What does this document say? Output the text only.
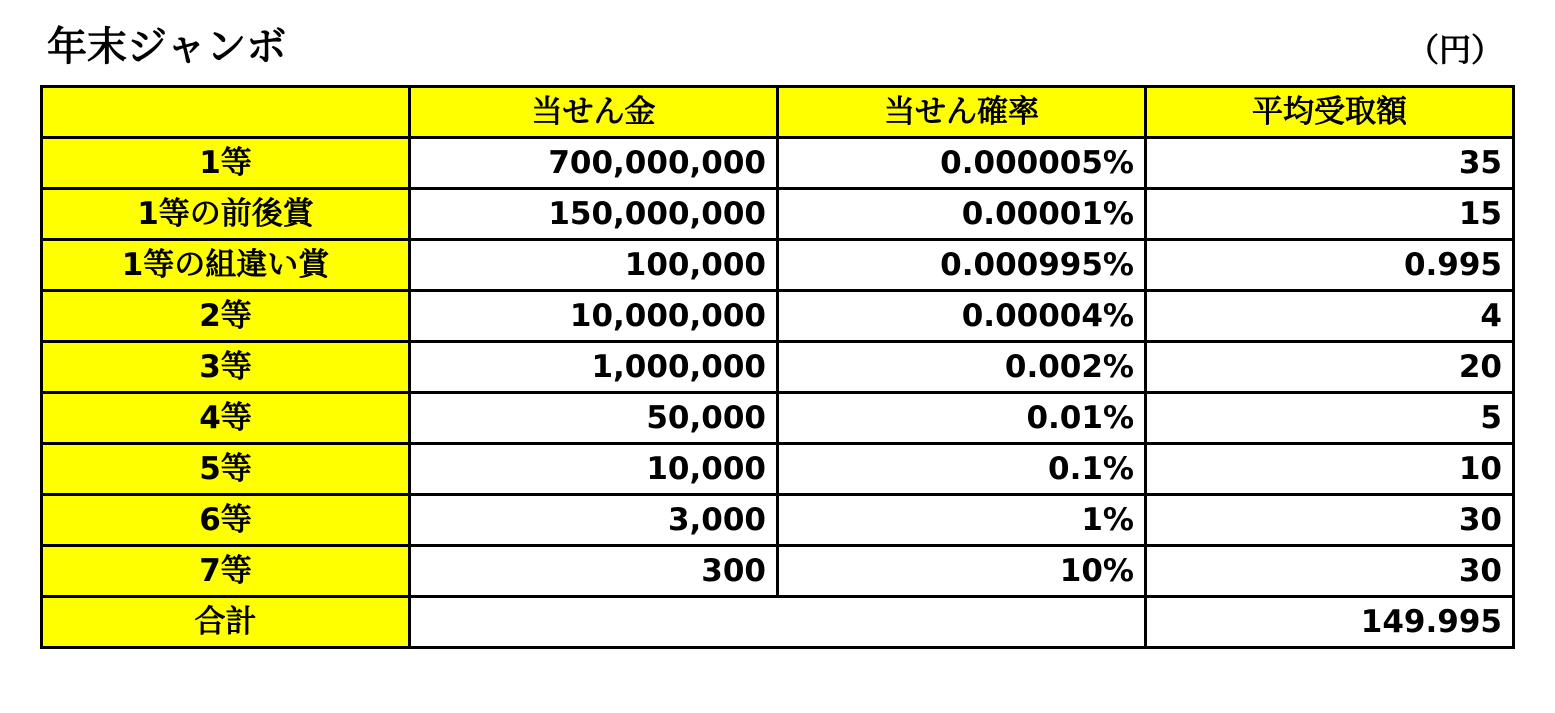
年末ジャンボ	（円）
	当せん金	当せん確率	平均受取額
1等	700,000,000	0.000005%	35
1等の前後賞	150,000,000	0.00001%	15
1等の組違い賞	100,000	0.000995%	0.995
2等	10,000,000	0.00004%	4
3等	1,000,000	0.002%	20
4等	50,000	0.01%	5
5等	10,000	0.1%	10
6等	3,000	1%	30
7等	300	10%	30
合計			149.995
